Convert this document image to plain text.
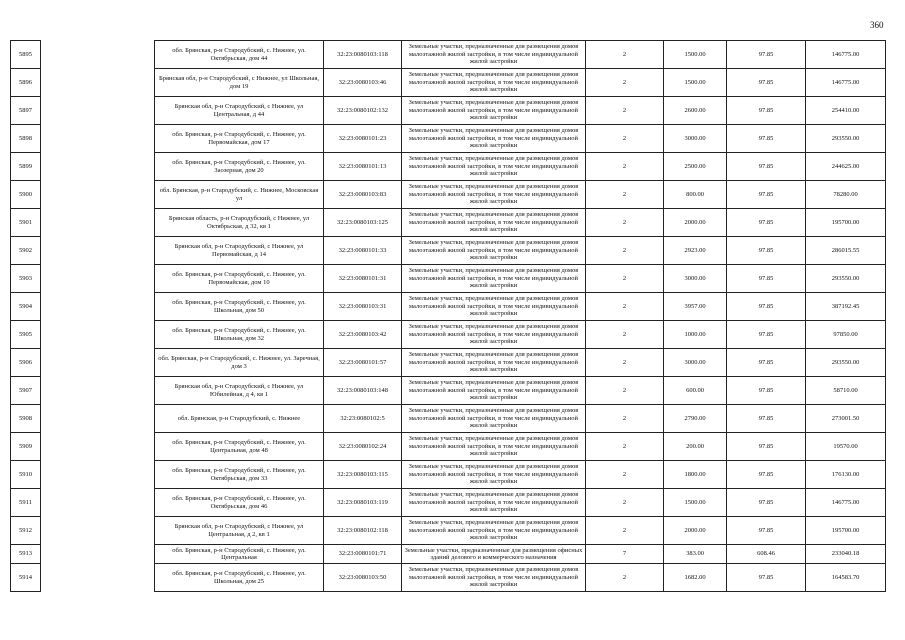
360
5895		обл. Брянская, р-н Стародубский, с. Нижнее, ул. Октябрьская, дом 44	32:23:0080103:118	Земельные участки, предназначенные для размещения домов малоэтажной жилой застройки, в том числе индивидуальной жилой застройки	2	1500.00	97.85	146775.00
5896		Брянская обл, р-н Стародубский, с Нижнее, ул Школьная, дом 19	32:23:0080103:46	Земельные участки, предназначенные для размещения домов малоэтажной жилой застройки, в том числе индивидуальной жилой застройки	2	1500.00	97.85	146775.00
5897		Брянская обл, р-н Стародубский, с Нижнее, ул Центральная, д 44	32:23:0080102:132	Земельные участки, предназначенные для размещения домов малоэтажной жилой застройки, в том числе индивидуальной жилой застройки	2	2600.00	97.85	254410.00
5898		обл. Брянская, р-н Стародубский, с. Нижнее, ул. Первомайская, дом 17	32:23:0080101:23	Земельные участки, предназначенные для размещения домов малоэтажной жилой застройки, в том числе индивидуальной жилой застройки	2	3000.00	97.85	293550.00
5899		обл. Брянская, р-н Стародубский, с. Нижнее, ул. Заозерная, дом 20	32:23:0080101:13	Земельные участки, предназначенные для размещения домов малоэтажной жилой застройки, в том числе индивидуальной жилой застройки	2	2500.00	97.85	244625.00
5900		обл. Брянская, р-н Стародубский, с. Нижнее, Московская ул	32:23:0080103:83	Земельные участки, предназначенные для размещения домов малоэтажной жилой застройки, в том числе индивидуальной жилой застройки	2	800.00	97.85	78280.00
5901		Брянская область, р-н Стародубский, с Нижнее, ул Октябрьская, д 32, кв 1	32:23:0080103:125	Земельные участки, предназначенные для размещения домов малоэтажной жилой застройки, в том числе индивидуальной жилой застройки	2	2000.00	97.85	195700.00
5902		Брянская обл, р-н Стародубский, с Нижнее, ул Первомайская, д 14	32:23:0080101:33	Земельные участки, предназначенные для размещения домов малоэтажной жилой застройки, в том числе индивидуальной жилой застройки	2	2923.00	97.85	286015.55
5903		обл. Брянская, р-н Стародубский, с. Нижнее, ул. Первомайская, дом 10	32:23:0080101:31	Земельные участки, предназначенные для размещения домов малоэтажной жилой застройки, в том числе индивидуальной жилой застройки	2	3000.00	97.85	293550.00
5904		обл. Брянская, р-н Стародубский, с. Нижнее, ул. Школьная, дом 50	32:23:0080103:31	Земельные участки, предназначенные для размещения домов малоэтажной жилой застройки, в том числе индивидуальной жилой застройки	2	3957.00	97.85	387192.45
5905		обл. Брянская, р-н Стародубский, с. Нижнее, ул. Школьная, дом 32	32:23:0080103:42	Земельные участки, предназначенные для размещения домов малоэтажной жилой застройки, в том числе индивидуальной жилой застройки	2	1000.00	97.85	97850.00
5906		обл. Брянская, р-н Стародубский, с. Нижнее, ул. Заречная, дом 3	32:23:0080101:57	Земельные участки, предназначенные для размещения домов малоэтажной жилой застройки, в том числе индивидуальной жилой застройки	2	3000.00	97.85	293550.00
5907		Брянская обл, р-н Стародубский, с Нижнее, ул Юбилейная, д 4, кв 1	32:23:0080103:148	Земельные участки, предназначенные для размещения домов малоэтажной жилой застройки, в том числе индивидуальной жилой застройки	2	600.00	97.85	58710.00
5908		обл. Брянская, р-н Стародубский, с. Нижнее	32:23:0080102:5	Земельные участки, предназначенные для размещения домов малоэтажной жилой застройки, в том числе индивидуальной жилой застройки	2	2790.00	97.85	273001.50
5909		обл. Брянская, р-н Стародубский, с. Нижнее, ул. Центральная, дом 48	32:23:0080102:24	Земельные участки, предназначенные для размещения домов малоэтажной жилой застройки, в том числе индивидуальной жилой застройки	2	200.00	97.85	19570.00
5910		обл. Брянская, р-н Стародубский, с. Нижнее, ул. Октябрьская, дом 33	32:23:0080103:115	Земельные участки, предназначенные для размещения домов малоэтажной жилой застройки, в том числе индивидуальной жилой застройки	2	1800.00	97.85	176130.00
5911		обл. Брянская, р-н Стародубский, с. Нижнее, ул. Октябрьская, дом 46	32:23:0080103:119	Земельные участки, предназначенные для размещения домов малоэтажной жилой застройки, в том числе индивидуальной жилой застройки	2	1500.00	97.85	146775.00
5912		Брянская обл, р-н Стародубский, с Нижнее, ул Центральная, д 2, кв 1	32:23:0080102:118	Земельные участки, предназначенные для размещения домов малоэтажной жилой застройки, в том числе индивидуальной жилой застройки	2	2000.00	97.85	195700.00
5913		обл. Брянская, р-н Стародубский, с. Нижнее, ул. Центральная	32:23:0080101:71	Земельные участки, предназначенные для размещения офисных зданий делового и коммерческого назначения	7	383.00	608.46	233040.18
5914		обл. Брянская, р-н Стародубский, с. Нижнее, ул. Школьная, дом 25	32:23:0080103:50	Земельные участки, предназначенные для размещения домов малоэтажной жилой застройки, в том числе индивидуальной жилой застройки	2	1682.00	97.85	164583.70
